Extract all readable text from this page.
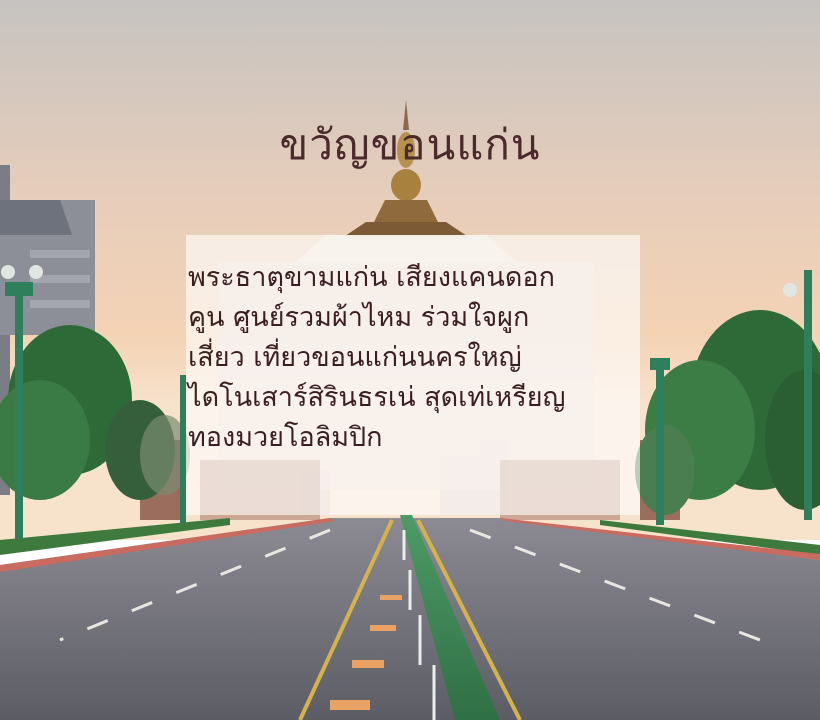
ขวัญขอนแก่น
พระธาตุขามแก่น เสียงแคนดอก
คูน ศูนย์รวมผ้าไหม ร่วมใจผูก
เสี่ยว เที่ยวขอนแก่นนครใหญ่
ไดโนเสาร์สิรินธรเน่ สุดเท่เหรียญ
ทองมวยโอลิมปิก
